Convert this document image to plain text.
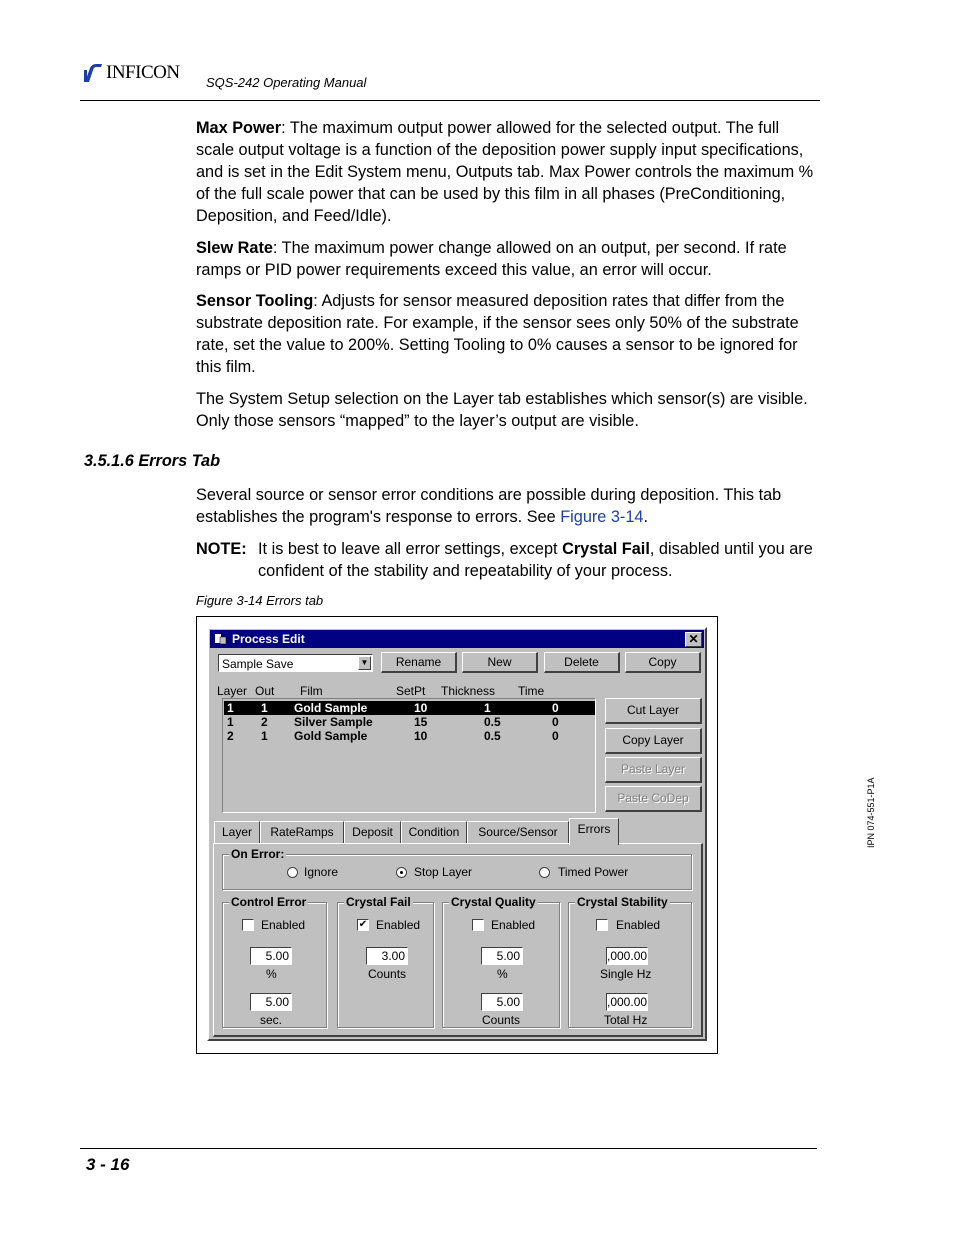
INFICON SQS-242 Operating Manual

Max Power: The maximum output power allowed for the selected output. The full scale output voltage is a function of the deposition power supply input specifications, and is set in the Edit System menu, Outputs tab. Max Power controls the maximum % of the full scale power that can be used by this film in all phases (PreConditioning, Deposition, and Feed/Idle).

Slew Rate: The maximum power change allowed on an output, per second. If rate ramps or PID power requirements exceed this value, an error will occur.

Sensor Tooling: Adjusts for sensor measured deposition rates that differ from the substrate deposition rate. For example, if the sensor sees only 50% of the substrate rate, set the value to 200%. Setting Tooling to 0% causes a sensor to be ignored for this film.

The System Setup selection on the Layer tab establishes which sensor(s) are visible. Only those sensors “mapped” to the layer’s output are visible.

3.5.1.6 Errors Tab

Several source or sensor error conditions are possible during deposition. This tab establishes the program's response to errors. See Figure 3-14.

NOTE: It is best to leave all error settings, except Crystal Fail, disabled until you are confident of the stability and repeatability of your process.
Figure 3-14 Errors tab
Process Edit	✕
Sample Save	▼	Rename	New	Delete	Copy
Layer Out Film	SetPt Thickness Time
1 1 Gold Sample	10	1	0
1 2 Silver Sample	15	0.5	0
2 1 Gold Sample	10	0.5	0
Cut Layer
Copy Layer
Paste Layer
Paste CoDep
Layer	RateRamps	Deposit	Condition	Source/Sensor	Errors
On Error:
Ignore	Stop Layer	Timed Power
Control Error
Enabled
5.00
%
5.00
sec.
Crystal Fail
✔ Enabled
3.00
Counts
Crystal Quality
Enabled
5.00
%
5.00
Counts
Crystal Stability
Enabled
,000.00
Single Hz
,000.00
Total Hz
IPN 074-551-P1A
3 - 16
